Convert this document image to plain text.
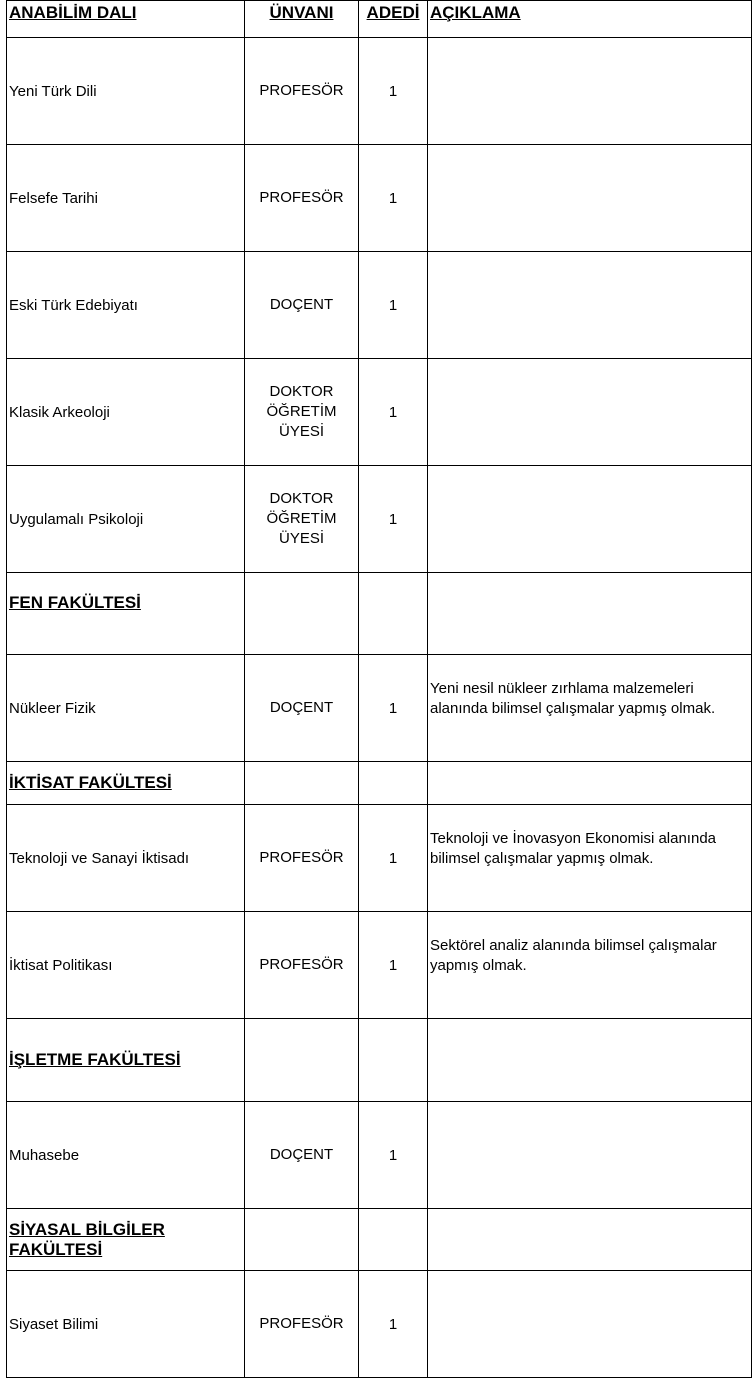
ANABİLİM DALI	ÜNVANI	ADEDİ	AÇIKLAMA
Yeni Türk Dili	PROFESÖR	1	
Felsefe Tarihi	PROFESÖR	1	
Eski Türk Edebiyatı	DOÇENT	1	
Klasik Arkeoloji	DOKTOR
ÖĞRETİM
ÜYESİ	1	
Uygulamalı Psikoloji	DOKTOR
ÖĞRETİM
ÜYESİ	1	
FEN FAKÜLTESİ			
Nükleer Fizik	DOÇENT	1	Yeni nesil nükleer zırhlama malzemeleri
alanında bilimsel çalışmalar yapmış olmak.
İKTİSAT FAKÜLTESİ			
Teknoloji ve Sanayi İktisadı	PROFESÖR	1	Teknoloji ve İnovasyon Ekonomisi alanında
bilimsel çalışmalar yapmış olmak.
İktisat Politikası	PROFESÖR	1	Sektörel analiz alanında bilimsel çalışmalar
yapmış olmak.
İŞLETME FAKÜLTESİ			
Muhasebe	DOÇENT	1	
SİYASAL BİLGİLER FAKÜLTESİ			
Siyaset Bilimi	PROFESÖR	1	
